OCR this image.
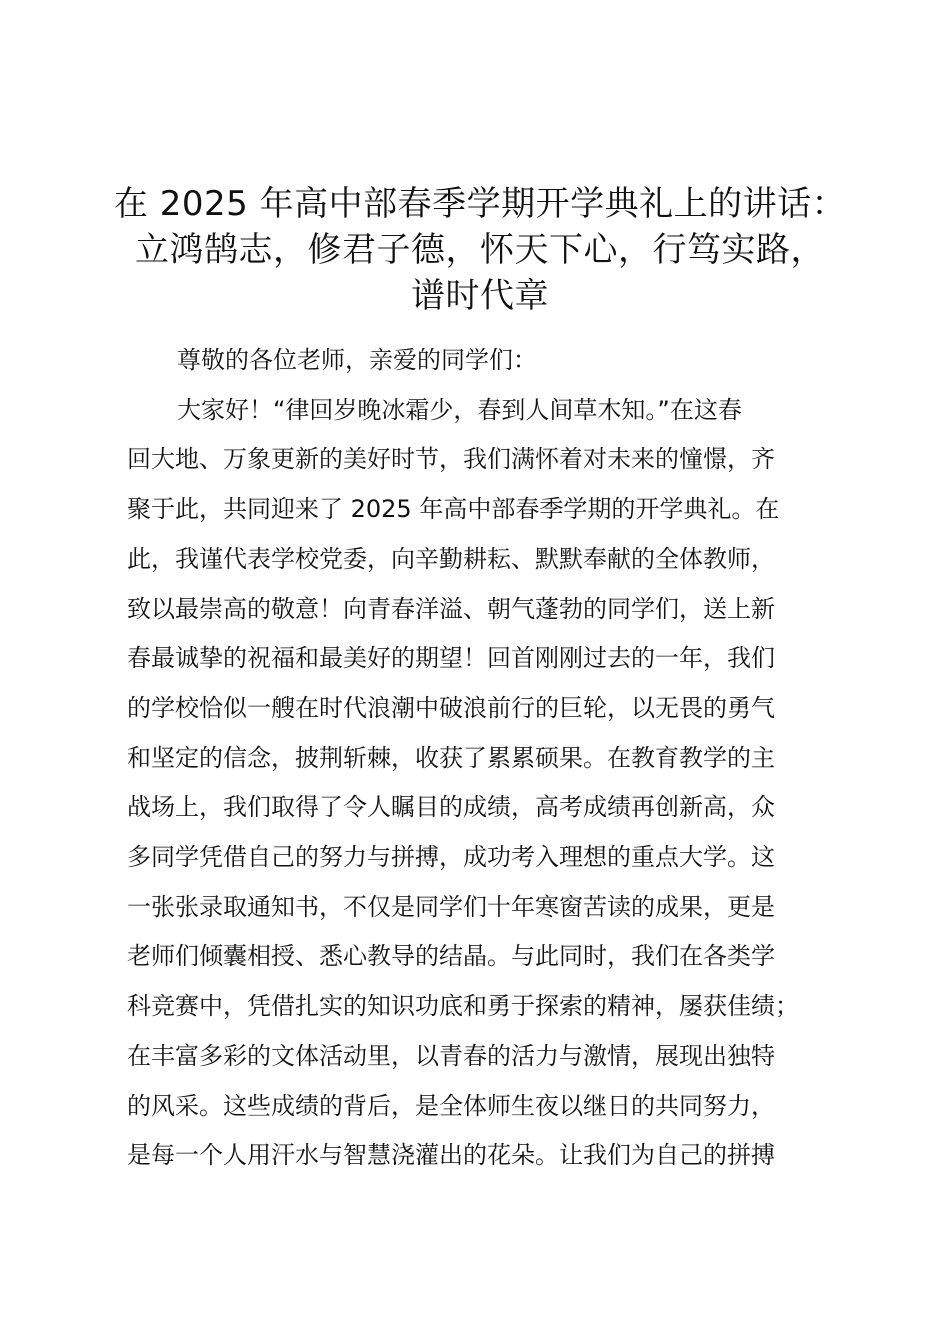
在 2025 年高中部春季学期开学典礼上的讲话：
立鸿鹄志，修君子德，怀天下心，行笃实路，
谱时代章

尊敬的各位老师，亲爱的同学们：

大家好！“律回岁晚冰霜少，春到人间草木知。”在这春
回大地、万象更新的美好时节，我们满怀着对未来的憧憬，齐
聚于此，共同迎来了 2025 年高中部春季学期的开学典礼。在
此，我谨代表学校党委，向辛勤耕耘、默默奉献的全体教师，
致以最崇高的敬意！向青春洋溢、朝气蓬勃的同学们，送上新
春最诚挚的祝福和最美好的期望！回首刚刚过去的一年，我们
的学校恰似一艘在时代浪潮中破浪前行的巨轮，以无畏的勇气
和坚定的信念，披荆斩棘，收获了累累硕果。在教育教学的主
战场上，我们取得了令人瞩目的成绩，高考成绩再创新高，众
多同学凭借自己的努力与拼搏，成功考入理想的重点大学。这
一张张录取通知书，不仅是同学们十年寒窗苦读的成果，更是
老师们倾囊相授、悉心教导的结晶。与此同时，我们在各类学
科竞赛中，凭借扎实的知识功底和勇于探索的精神，屡获佳绩；
在丰富多彩的文体活动里，以青春的活力与激情，展现出独特
的风采。这些成绩的背后，是全体师生夜以继日的共同努力，
是每一个人用汗水与智慧浇灌出的花朵。让我们为自己的拼搏
